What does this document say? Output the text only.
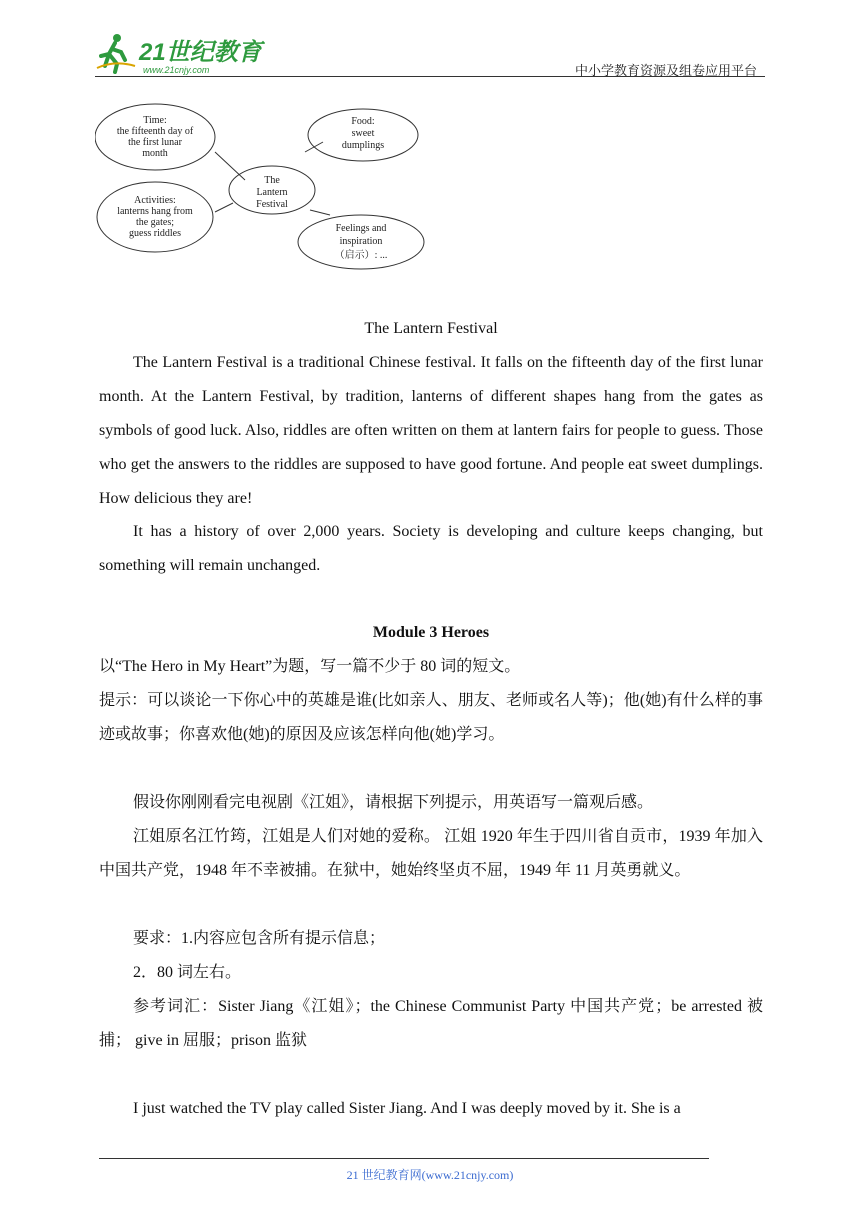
21世纪教育
www.21cnjy.com	中小学教育资源及组卷应用平台
Time:
the fifteenth day of
the first lunar
month
Food:
sweet
dumplings
The
Lantern
Festival
Activities:
lanterns hang from
the gates;
guess riddles	Feelings and
inspiration
（启示）: ...
The Lantern Festival
The Lantern Festival is a traditional Chinese festival. It falls on the fifteenth day of the first lunar month. At the Lantern Festival, by tradition, lanterns of different shapes hang from the gates as symbols of good luck. Also, riddles are often written on them at lantern fairs for people to guess. Those who get the answers to the riddles are supposed to have good fortune. And people eat sweet dumplings. How delicious they are!
It has a history of over 2,000 years. Society is developing and culture keeps changing, but something will remain unchanged.
Module 3 Heroes
以“The Hero in My Heart”为题，写一篇不少于 80 词的短文。
提示：可以谈论一下你心中的英雄是谁(比如亲人、朋友、老师或名人等)；他(她)有什么样的事迹或故事；你喜欢他(她)的原因及应该怎样向他(她)学习。
假设你刚刚看完电视剧《江姐》，请根据下列提示，用英语写一篇观后感。
江姐原名江竹筠，江姐是人们对她的爱称。 江姐 1920 年生于四川省自贡市，1939 年加入中国共产党，1948 年不幸被捕。在狱中，她始终坚贞不屈，1949 年 11 月英勇就义。
要求：1.内容应包含所有提示信息；
2．80 词左右。
参考词汇：Sister Jiang《江姐》；the Chinese Communist Party 中国共产党；be arrested 被捕； give in 屈服；prison 监狱
I just watched the TV play called Sister Jiang. And I was deeply moved by it. She is a
21 世纪教育网(www.21cnjy.com)
